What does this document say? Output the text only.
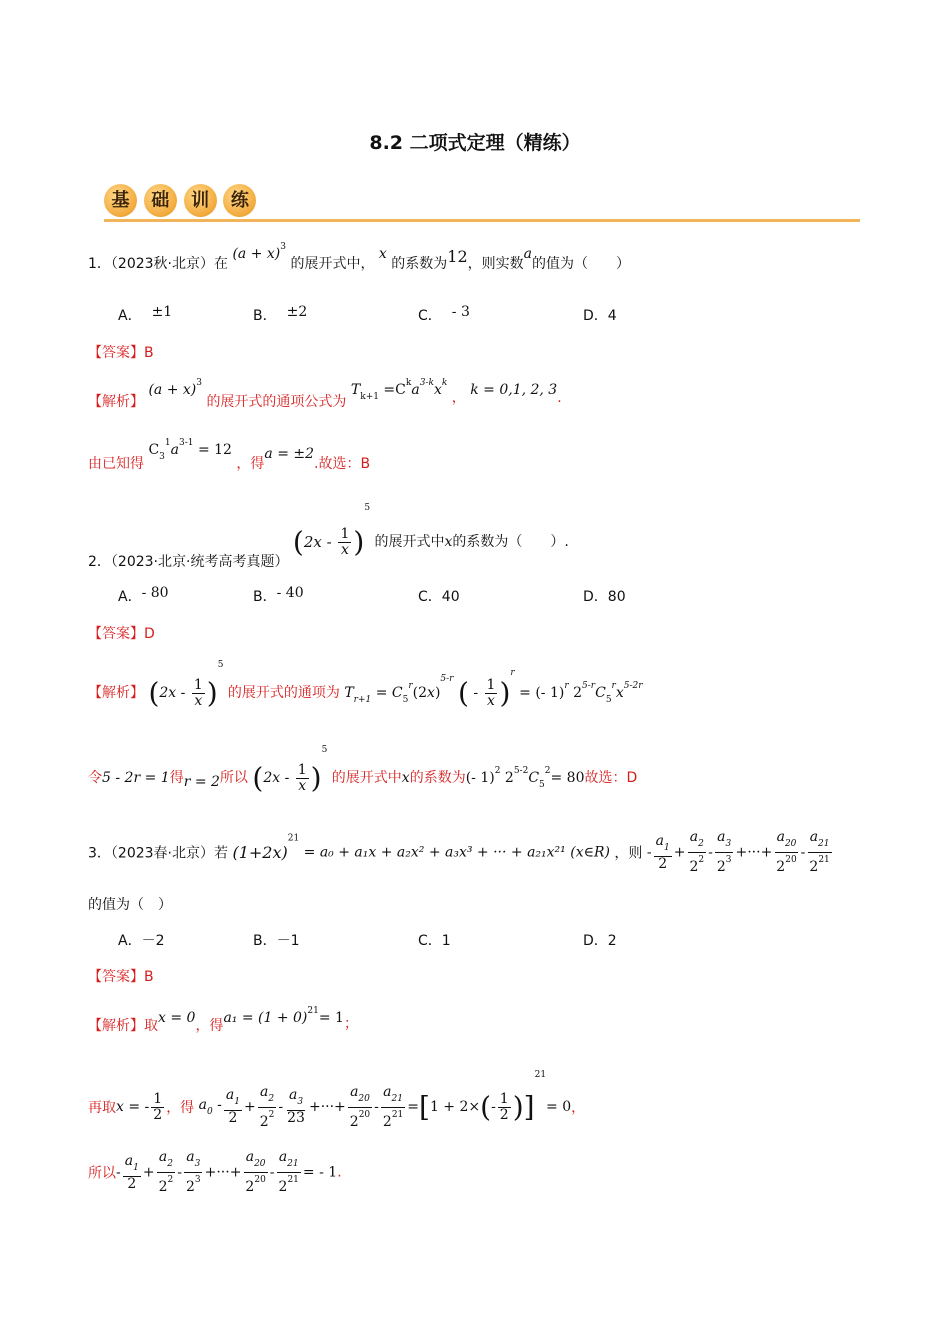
8.2 二项式定理（精练）
基 础 训 练
1．（2023秋·北京）在 $(a + x)^3$ 的展开式中， x 的系数为12，则实数a的值为（　　）
A． ±1	B． ±2	C． - 3	D．4
【答案】B
【解析】 $(a + x)^3$ 的展开式的通项公式为 $T_{k+1} =C^ka^{3-k}x^k$ ， k = 0,1, 2, 3.
由已知得 $C_3^1a^{3-1} = 12$ ，得a = ±2.故选：B
2．（2023·北京·统考高考真题） $(2x - \frac{1}{x} )^5$ 的展开式中x的系数为（　　）.
A．- 80	B．- 40	C．40	D．80
【答案】D
【解析】 $(2x - \frac{1}{x} )^5$ 的展开式的通项为 $T_{r+1} = C_5^r(2x)^{5-r}$ ( - $\frac{1}{x} )^r$ = (- 1)$^r$ $2^{5-r}C_5^rx^{5-2r}$
令5 - 2r = 1得r = 2所以 $(2x - \frac{1}{x} )^5$ 的展开式中x的系数为(- 1)$^2$ $2^{5-2}C_5^2= 80$故选：D
3．（2023春·北京）若 $(1+2x)^{21} = a_0 + a_1x + a_2x^2 + a_3x^3$ + ··· + a₂₁x²¹ (x∈R) ，则 - $\frac{a_1}{2} + \frac{a_2}{2^2} - \frac{a_3}{2^3}$ +···+ $\frac{a_{20}}{2^{20}} - \frac{a_{21}}{2^{21}}$
的值为（　）
A．－2	B．－1	C．1	D．2
【答案】B
【解析】取x = 0，得$a_1 = (1 + 0)^{21}= 1$；
再取x = - $\frac{1}{2}$ ，得 $a_0 - \frac{a_1}{2} + \frac{a_2}{2^2} - \frac{a_3}{23}$ +···+ $\frac{a_{20}}{2^{20}} - \frac{a_{21}}{2^{21}} =[1 + 2\times(- \frac{1}{2} )]^{21}= 0$，
所以- $\frac{a_1}{2} + \frac{a_2}{2^2} - \frac{a_3}{2^3}$ +···+ $\frac{a_{20}}{2^{20}} - \frac{a_{21}}{2^{21}}$ = - 1.
